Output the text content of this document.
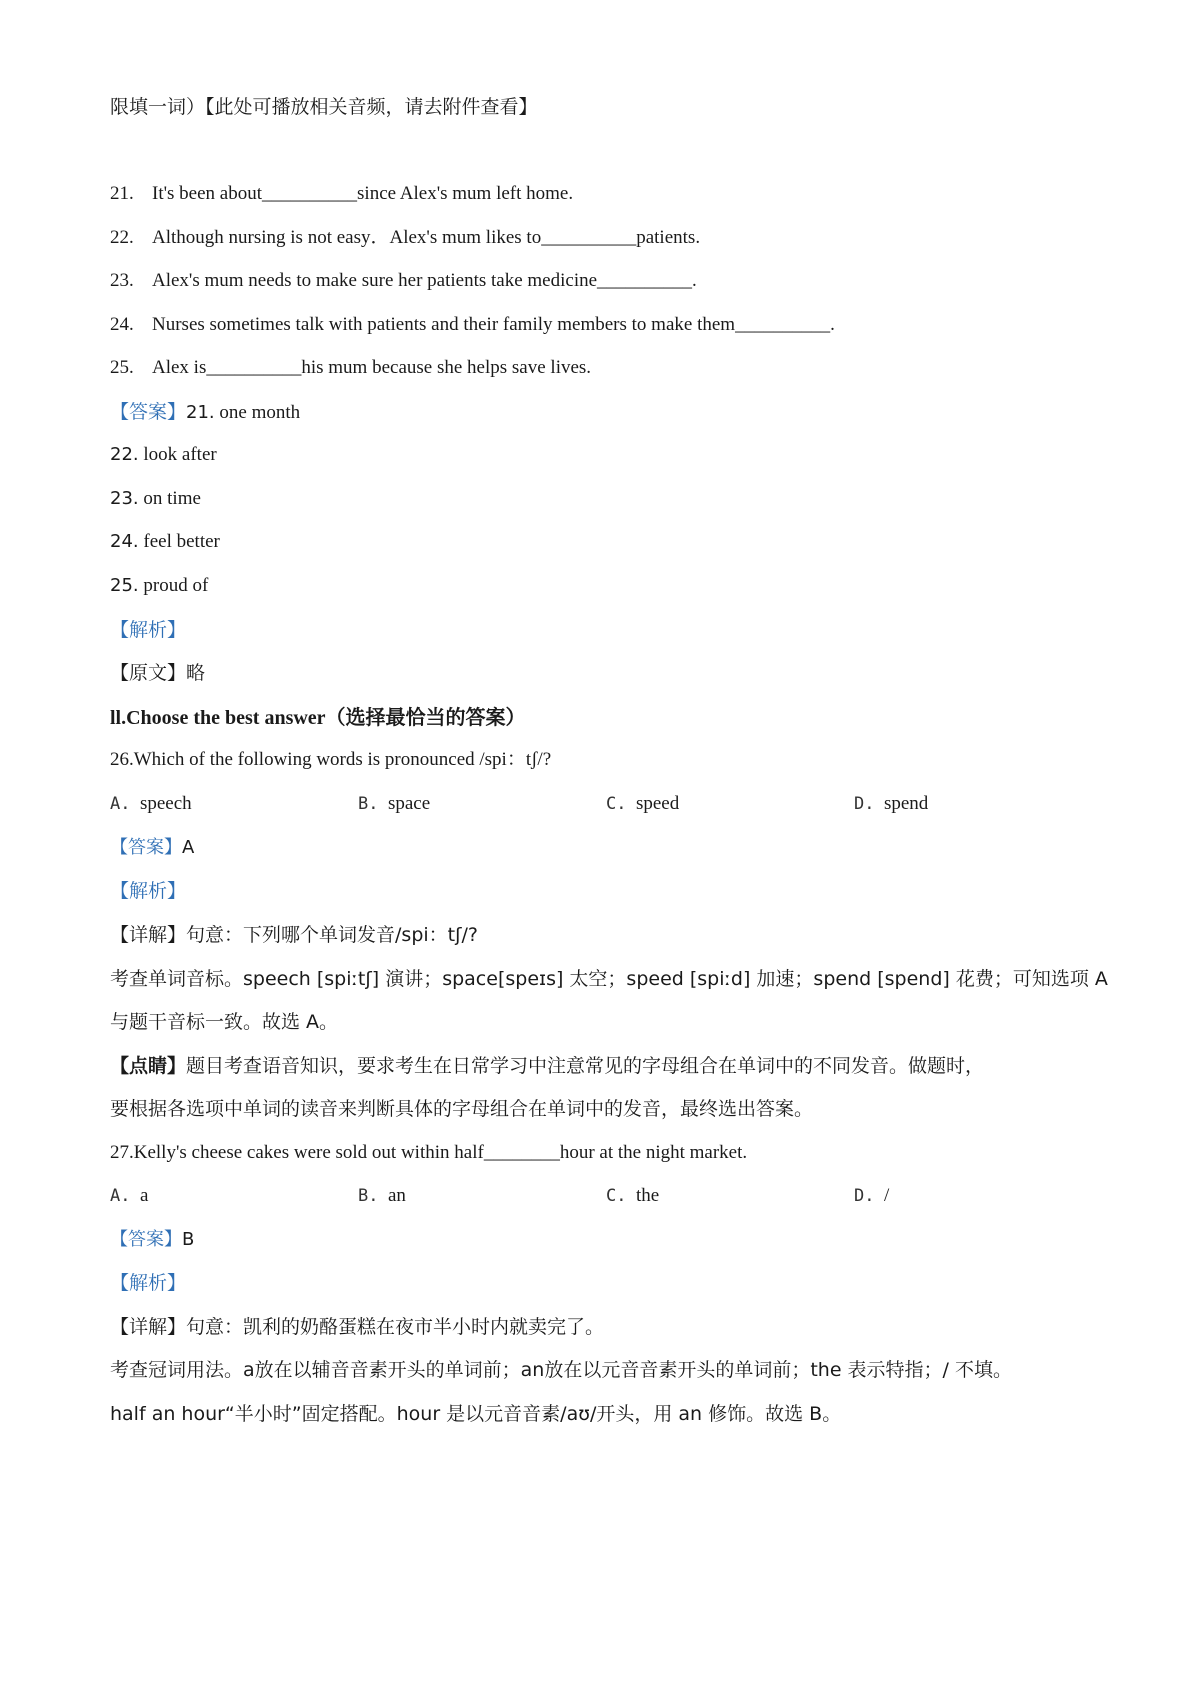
限填一词）【此处可播放相关音频，请去附件查看】
21. It's been about__________since Alex's mum left home.
22. Although nursing is not easy．Alex's mum likes to__________patients.
23. Alex's mum needs to make sure her patients take medicine__________.
24. Nurses sometimes talk with patients and their family members to make them__________.
25. Alex is__________his mum because she helps save lives.
【答案】21. one month
22. look after
23. on time
24. feel better
25. proud of
【解析】
【原文】略
ll.Choose the best answer（选择最恰当的答案）
26.Which of the following words is pronounced /spi：tʃ/?
A. speech	B. space	C. speed	D. spend
【答案】A
【解析】
【详解】句意：下列哪个单词发音/spi：tʃ/?
考查单词音标。speech [spiːtʃ] 演讲；space[speɪs] 太空；speed [spiːd] 加速；spend [spend] 花费；可知选项 A
与题干音标一致。故选 A。
【点睛】题目考查语音知识，要求考生在日常学习中注意常见的字母组合在单词中的不同发音。做题时，
要根据各选项中单词的读音来判断具体的字母组合在单词中的发音，最终选出答案。
27.Kelly's cheese cakes were sold out within half________hour at the night market.
A. a	B. an	C. the	D. /
【答案】B
【解析】
【详解】句意：凯利的奶酪蛋糕在夜市半小时内就卖完了。
考查冠词用法。a放在以辅音音素开头的单词前；an放在以元音音素开头的单词前；the 表示特指；/ 不填。
half an hour“半小时”固定搭配。hour 是以元音音素/aʊ/开头，用 an 修饰。故选 B。
